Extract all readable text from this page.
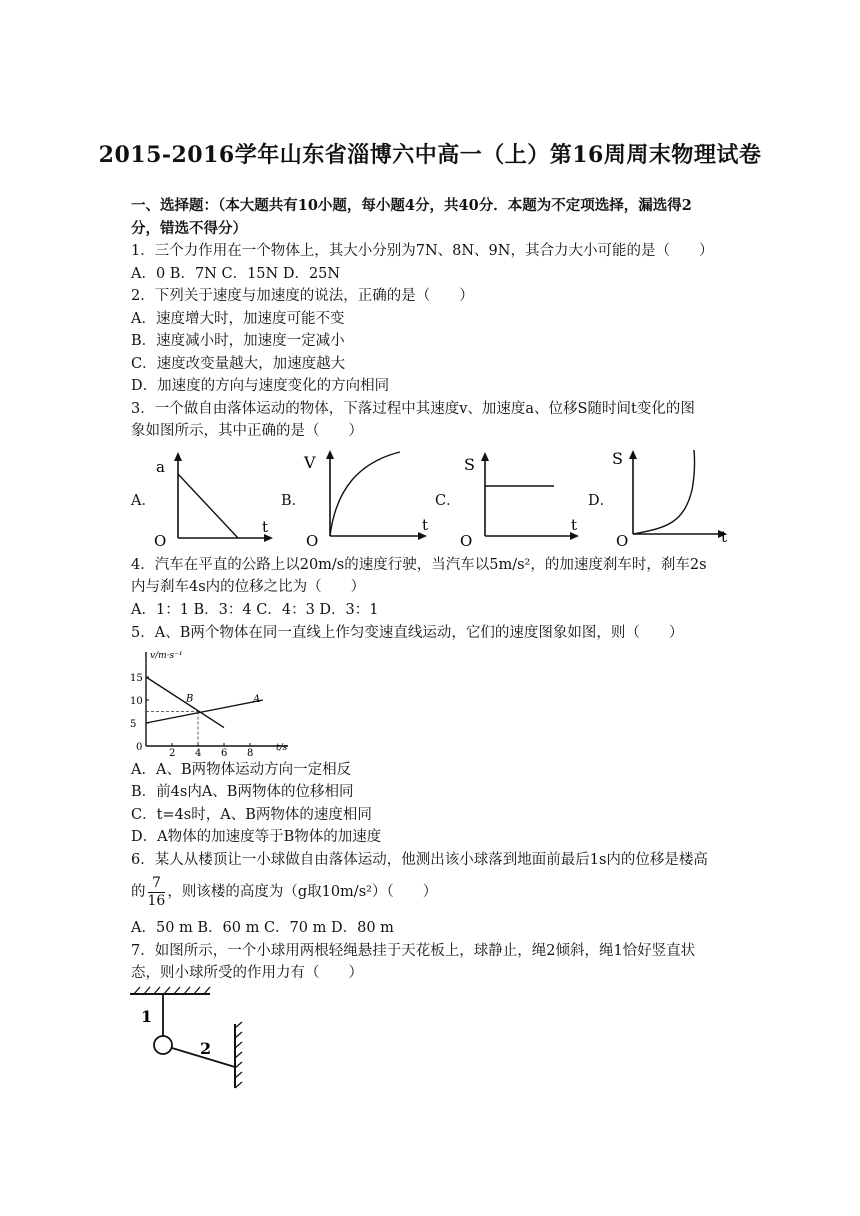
2015-2016学年山东省淄博六中高一（上）第16周周末物理试卷
一、选择题：（本大题共有10小题，每小题4分，共40分．本题为不定项选择，漏选得2
分，错选不得分）
1．三个力作用在一个物体上，其大小分别为7N、8N、9N，其合力大小可能的是（　　）
A．0 B．7N C．15N D．25N
2．下列关于速度与加速度的说法，正确的是（　　）
A．速度增大时，加速度可能不变
B．速度减小时，加速度一定减小
C．速度改变量越大，加速度越大
D．加速度的方向与速度变化的方向相同
3．一个做自由落体运动的物体，下落过程中其速度v、加速度a、位移S随时间t变化的图
象如图所示，其中正确的是（　　）
A．
a
t
O
B．
V
t
O
C．
S
t
O
D．
S
t
O
4．汽车在平直的公路上以20m/s的速度行驶，当汽车以5m/s²，的加速度刹车时，刹车2s
内与刹车4s内的位移之比为（　　）
A．1：1 B．3：4 C．4：3 D．3：1
5．A、B两个物体在同一直线上作匀变速直线运动，它们的速度图象如图，则（　　）
v/m·s⁻¹
t/s
0
5
10
15
2 4 6 8
A
B
A．A、B两物体运动方向一定相反
B．前4s内A、B两物体的位移相同
C．t=4s时，A、B两物体的速度相同
D．A物体的加速度等于B物体的加速度
6．某人从楼顶让一小球做自由落体运动，他测出该小球落到地面前最后1s内的位移是楼高
的 $\frac{7}{16}$ ，则该楼的高度为（g取10m/s²）（　　）
A．50 m B．60 m C．70 m D．80 m
7．如图所示，一个小球用两根轻绳悬挂于天花板上，球静止，绳2倾斜，绳1恰好竖直状
态，则小球所受的作用力有（　　）
1
2
